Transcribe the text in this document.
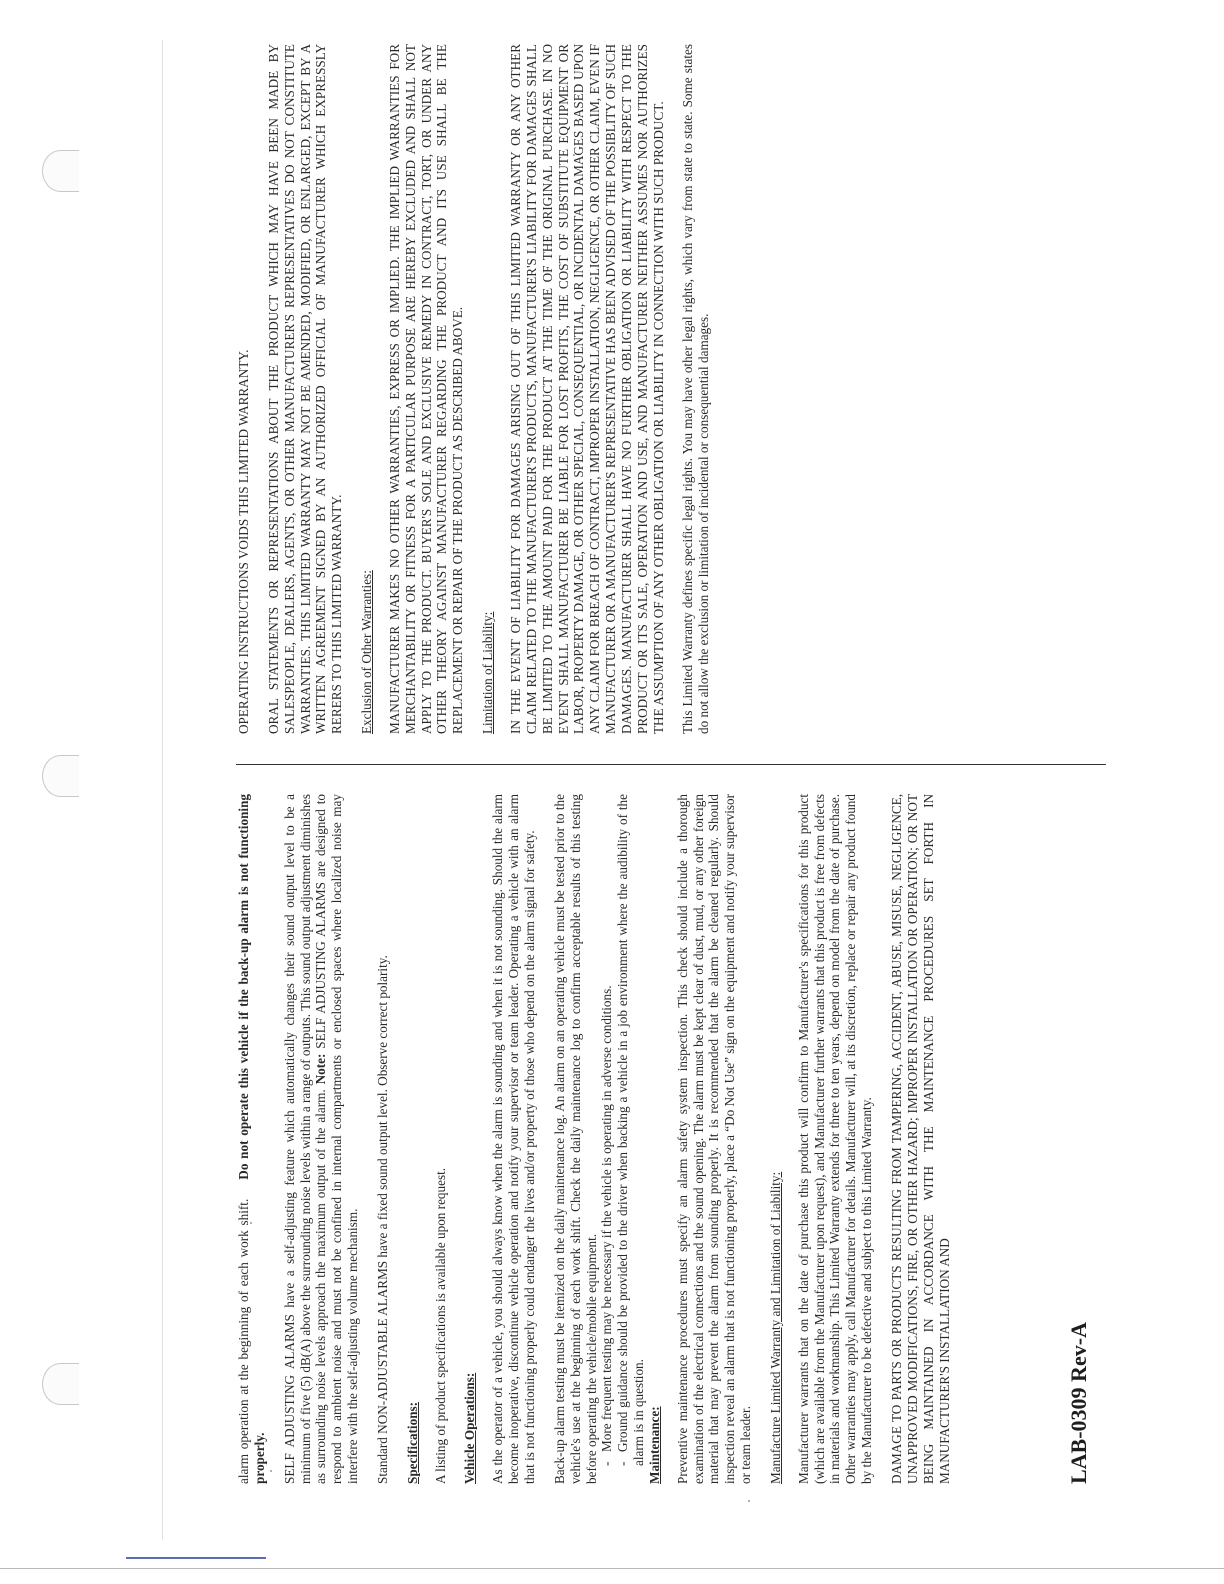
alarm operation at the beginning of each work shift.    Do not operate this vehicle if the back-up alarm is not functioning properly. SELF ADJUSTING ALARMS have a self-adjusting feature which automatically changes their sound output level to be a minimum of five (5) dB(A) above the surrounding noise levels within a range of outputs. This sound output adjustment diminishes as surrounding noise levels approach the maximum output of the alarm. Note: SELF ADJUSTING ALARMS are designed to respond to ambient noise and must not be confined in internal compartments or enclosed spaces where localized noise may interfere with the self-adjusting volume mechanism. Standard NON-ADJUSTABLE ALARMS have a fixed sound output level. Observe correct polarity. Specifications: A listing of product specifications is available upon request. Vehicle Operations: As the operator of a vehicle, you should always know when the alarm is sounding and when it is not sounding. Should the alarm become inoperative, discontinue vehicle operation and notify your supervisor or team leader. Operating a vehicle with an alarm that is not functioning properly could endanger the lives and/or property of those who depend on the alarm signal for safety. Back-up alarm testing must be itemized on the daily maintenance log. An alarm on an operating vehicle must be tested prior to the vehicle's use at the beginning of each work shift. Check the daily maintenance log to confirm acceptable results of this testing before operating the vehicle/mobile equipment. -More frequent testing may be necessary if the vehicle is operating in adverse conditions.

-Ground guidance should be provided to the driver when backing a vehicle in a job environment where the audibility of the alarm is in question. Maintenance: Preventive maintenance procedures must specify an alarm safety system inspection. This check should include a thorough examination of the electrical connections and the sound opening. The alarm must be kept clear of dust, mud, or any other foreign material that may prevent the alarm from sounding properly. It is recommended that the alarm be cleaned regularly. Should inspection reveal an alarm that is not functioning properly, place a “Do Not Use” sign on the equipment and notify your supervisor or team leader. Manufacture Limited Warranty and Limitation of Liability: Manufacturer warrants that on the date of purchase this product will confirm to Manufacturer's specifications for this product (which are available from the Manufacturer upon request), and Manufacturer further warrants that this product is free from defects in materials and workmanship. This Limited Warranty extends for three to ten years, depend on model from the date of purchase. Other warranties may apply, call Manufacturer for details. Manufacturer will, at its discretion, replace or repair any product found by the Manufacturer to be defective and subject to this Limited Warranty. DAMAGE TO PARTS OR PRODUCTS RESULTING FROM TAMPERING, ACCIDENT, ABUSE, MISUSE, NEGLIGENCE, UNAPPROVED MODIFICATIONS, FIRE, OR OTHER HAZARD; IMPROPER INSTALLATION OR OPERATION; OR NOT BEING MAINTAINED IN ACCORDANCE WITH THE MAINTENANCE PROCEDURES SET FORTH IN MANUFACTURER'S INSTALLATION AND

OPERATING INSTRUCTIONS VOIDS THIS LIMITED WARRANTY. ORAL STATEMENTS OR REPRESENTATIONS ABOUT THE PRODUCT WHICH MAY HAVE BEEN MADE BY SALESPEOPLE, DEALERS, AGENTS, OR OTHER MANUFACTURER'S REPRESENTATIVES DO NOT CONSTITUTE WARRANTIES. THIS LIMITED WARRANTY MAY NOT BE AMENDED, MODIFIED, OR ENLARGED, EXCEPT BY A WRITTEN AGREEMENT SIGNED BY AN AUTHORIZED OFFICIAL OF MANUFACTURER WHICH EXPRESSLY RERERS TO THIS LIMITED WARRANTY. Exclusion of Other Warranties: MANUFACTURER MAKES NO OTHER WARRANTIES, EXPRESS OR IMPLIED. THE IMPLIED WARRANTIES FOR MERCHANTABILITY OR FITNESS FOR A PARTICULAR PURPOSE ARE HEREBY EXCLUDED AND SHALL NOT APPLY TO THE PRODUCT. BUYER'S SOLE AND EXCLUSIVE REMEDY IN CONTRACT, TORT, OR UNDER ANY OTHER THEORY AGAINST MANUFACTURER REGARDING THE PRODUCT AND ITS USE SHALL BE THE REPLACEMENT OR REPAIR OF THE PRODUCT AS DESCRIBED ABOVE. Limitation of Liability: IN THE EVENT OF LIABILITY FOR DAMAGES ARISING OUT OF THIS LIMITED WARRANTY OR ANY OTHER CLAIM RELATED TO THE MANUFACTURER'S PRODUCTS, MANUFACTURER'S LIABILITY FOR DAMAGES SHALL BE LIMITED TO THE AMOUNT PAID FOR THE PRODUCT AT THE TIME OF THE ORIGINAL PURCHASE. IN NO EVENT SHALL MANUFACTURER BE LIABLE FOR LOST PROFITS, THE COST OF SUBSTITUTE EQUIPMENT OR LABOR, PROPERTY DAMAGE, OR OTHER SPECIAL, CONSEQUENTIAL, OR INCIDENTAL DAMAGES BASED UPON ANY CLAIM FOR BREACH OF CONTRACT, IMPROPER INSTALLATION, NEGLIGENCE, OR OTHER CLAIM, EVEN IF MANUFACTURER OR A MANUFACTURER'S REPRESENTATIVE HAS BEEN ADVISED OF THE POSSIBLITY OF SUCH DAMAGES. MANUFACTURER SHALL HAVE NO FURTHER OBLIGATION OR LIABILITY WITH RESPECT TO THE PRODUCT OR ITS SALE, OPERATION AND USE, AND MANUFACTURER NEITHER ASSUMES NOR AUTHORIZES THE ASSUMPTION OF ANY OTHER OBLIGATION OR LIABILITY IN CONNECTION WITH SUCH PRODUCT. This Limited Warranty defines specific legal rights. You may have other legal rights, which vary from state to state. Some states do not allow the exclusion or limitation of incidental or consequential damages.

LAB-0309 Rev-A
